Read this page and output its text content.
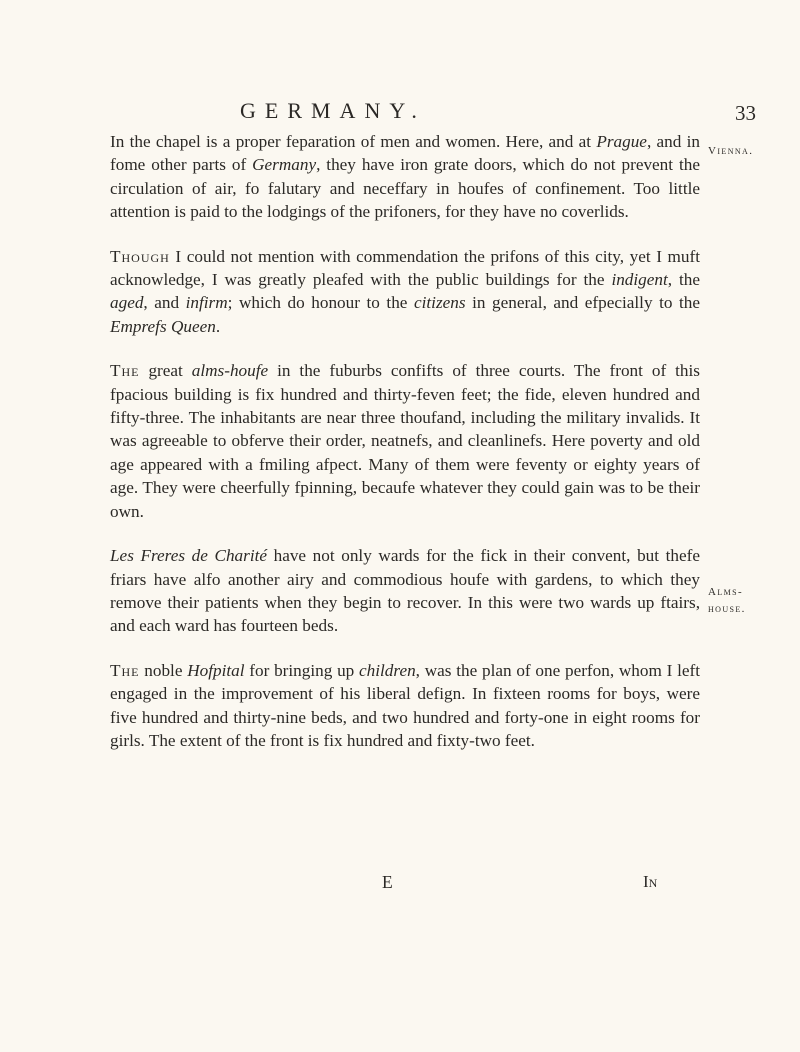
GERMANY.	33
Vienna.
Alms-
house.

In the chapel is a proper feparation of men and women. Here, and at Prague, and in fome other parts of Germany, they have iron grate doors, which do not prevent the circulation of air, fo falutary and neceffary in houfes of confinement. Too little attention is paid to the lodgings of the prifoners, for they have no coverlids.

Though I could not mention with commendation the prifons of this city, yet I muft acknowledge, I was greatly pleafed with the public buildings for the indigent, the aged, and infirm; which do honour to the citizens in general, and efpecially to the Emprefs Queen.

The great alms-houfe in the fuburbs confifts of three courts. The front of this fpacious building is fix hundred and thirty-feven feet; the fide, eleven hundred and fifty-three. The inhabitants are near three thoufand, including the military invalids. It was agreeable to obferve their order, neatnefs, and cleanlinefs. Here poverty and old age appeared with a fmiling afpect. Many of them were feventy or eighty years of age. They were cheerfully fpinning, becaufe whatever they could gain was to be their own.

Les Freres de Charité have not only wards for the fick in their convent, but thefe friars have alfo another airy and commodious houfe with gardens, to which they remove their patients when they begin to recover. In this were two wards up ftairs, and each ward has fourteen beds.

The noble Hofpital for bringing up children, was the plan of one perfon, whom I left engaged in the improvement of his liberal defign. In fixteen rooms for boys, were five hundred and thirty-nine beds, and two hundred and forty-one in eight rooms for girls. The extent of the front is fix hundred and fixty-two feet.

E	In
